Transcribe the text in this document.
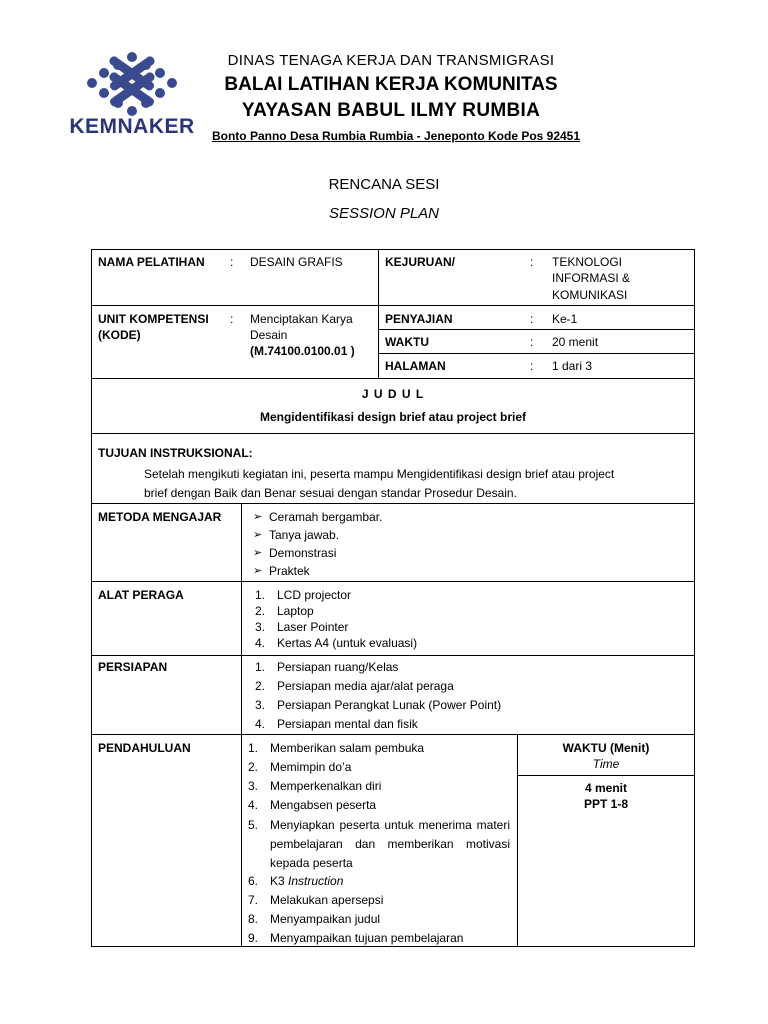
KEMNAKER
DINAS TENAGA KERJA DAN TRANSMIGRASI
BALAI LATIHAN KERJA KOMUNITAS
YAYASAN BABUL ILMY RUMBIA
Bonto Panno Desa Rumbia Rumbia - Jeneponto Kode Pos 92451
RENCANA SESI
SESSION PLAN
NAMA PELATIHAN : DESAIN GRAFIS	KEJURUAN/	: TEKNOLOGI
INFORMASI &
KOMUNIKASI
UNIT KOMPETENSI
(KODE)
: Menciptakan Karya
Desain
(M.74100.0100.01 )
PENYAJIAN	: Ke-1
WAKTU	: 20 menit
HALAMAN	: 1 dari 3
J U D U L
Mengidentifikasi design brief atau project brief
TUJUAN INSTRUKSIONAL:
Setelah mengikuti kegiatan ini, peserta mampu Mengidentifikasi design brief atau project
brief dengan Baik dan Benar sesuai dengan standar Prosedur Desain.
METODA MENGAJAR
➢	Ceramah bergambar.
➢ Tanya jawab.
➢ Demonstrasi
➢ Praktek
ALAT PERAGA	1. LCD projector
2. Laptop
3. Laser Pointer
4. Kertas A4 (untuk evaluasi)
PERSIAPAN	1. Persiapan ruang/Kelas
2. Persiapan media ajar/alat peraga
3. Persiapan Perangkat Lunak (Power Point)
4. Persiapan mental dan fisik
PENDAHULUAN	1. Memberikan salam pembuka
2. Memimpin do’a
3. Memperkenalkan diri
4. Mengabsen peserta
5. Menyiapkan peserta untuk menerima materi pembelajaran dan memberikan motivasi kepada peserta
6. K3 Instruction
7. Melakukan apersepsi
8. Menyampaikan judul
9. Menyampaikan tujuan pembelajaran
WAKTU (Menit)
Time
4 menit
PPT 1-8
